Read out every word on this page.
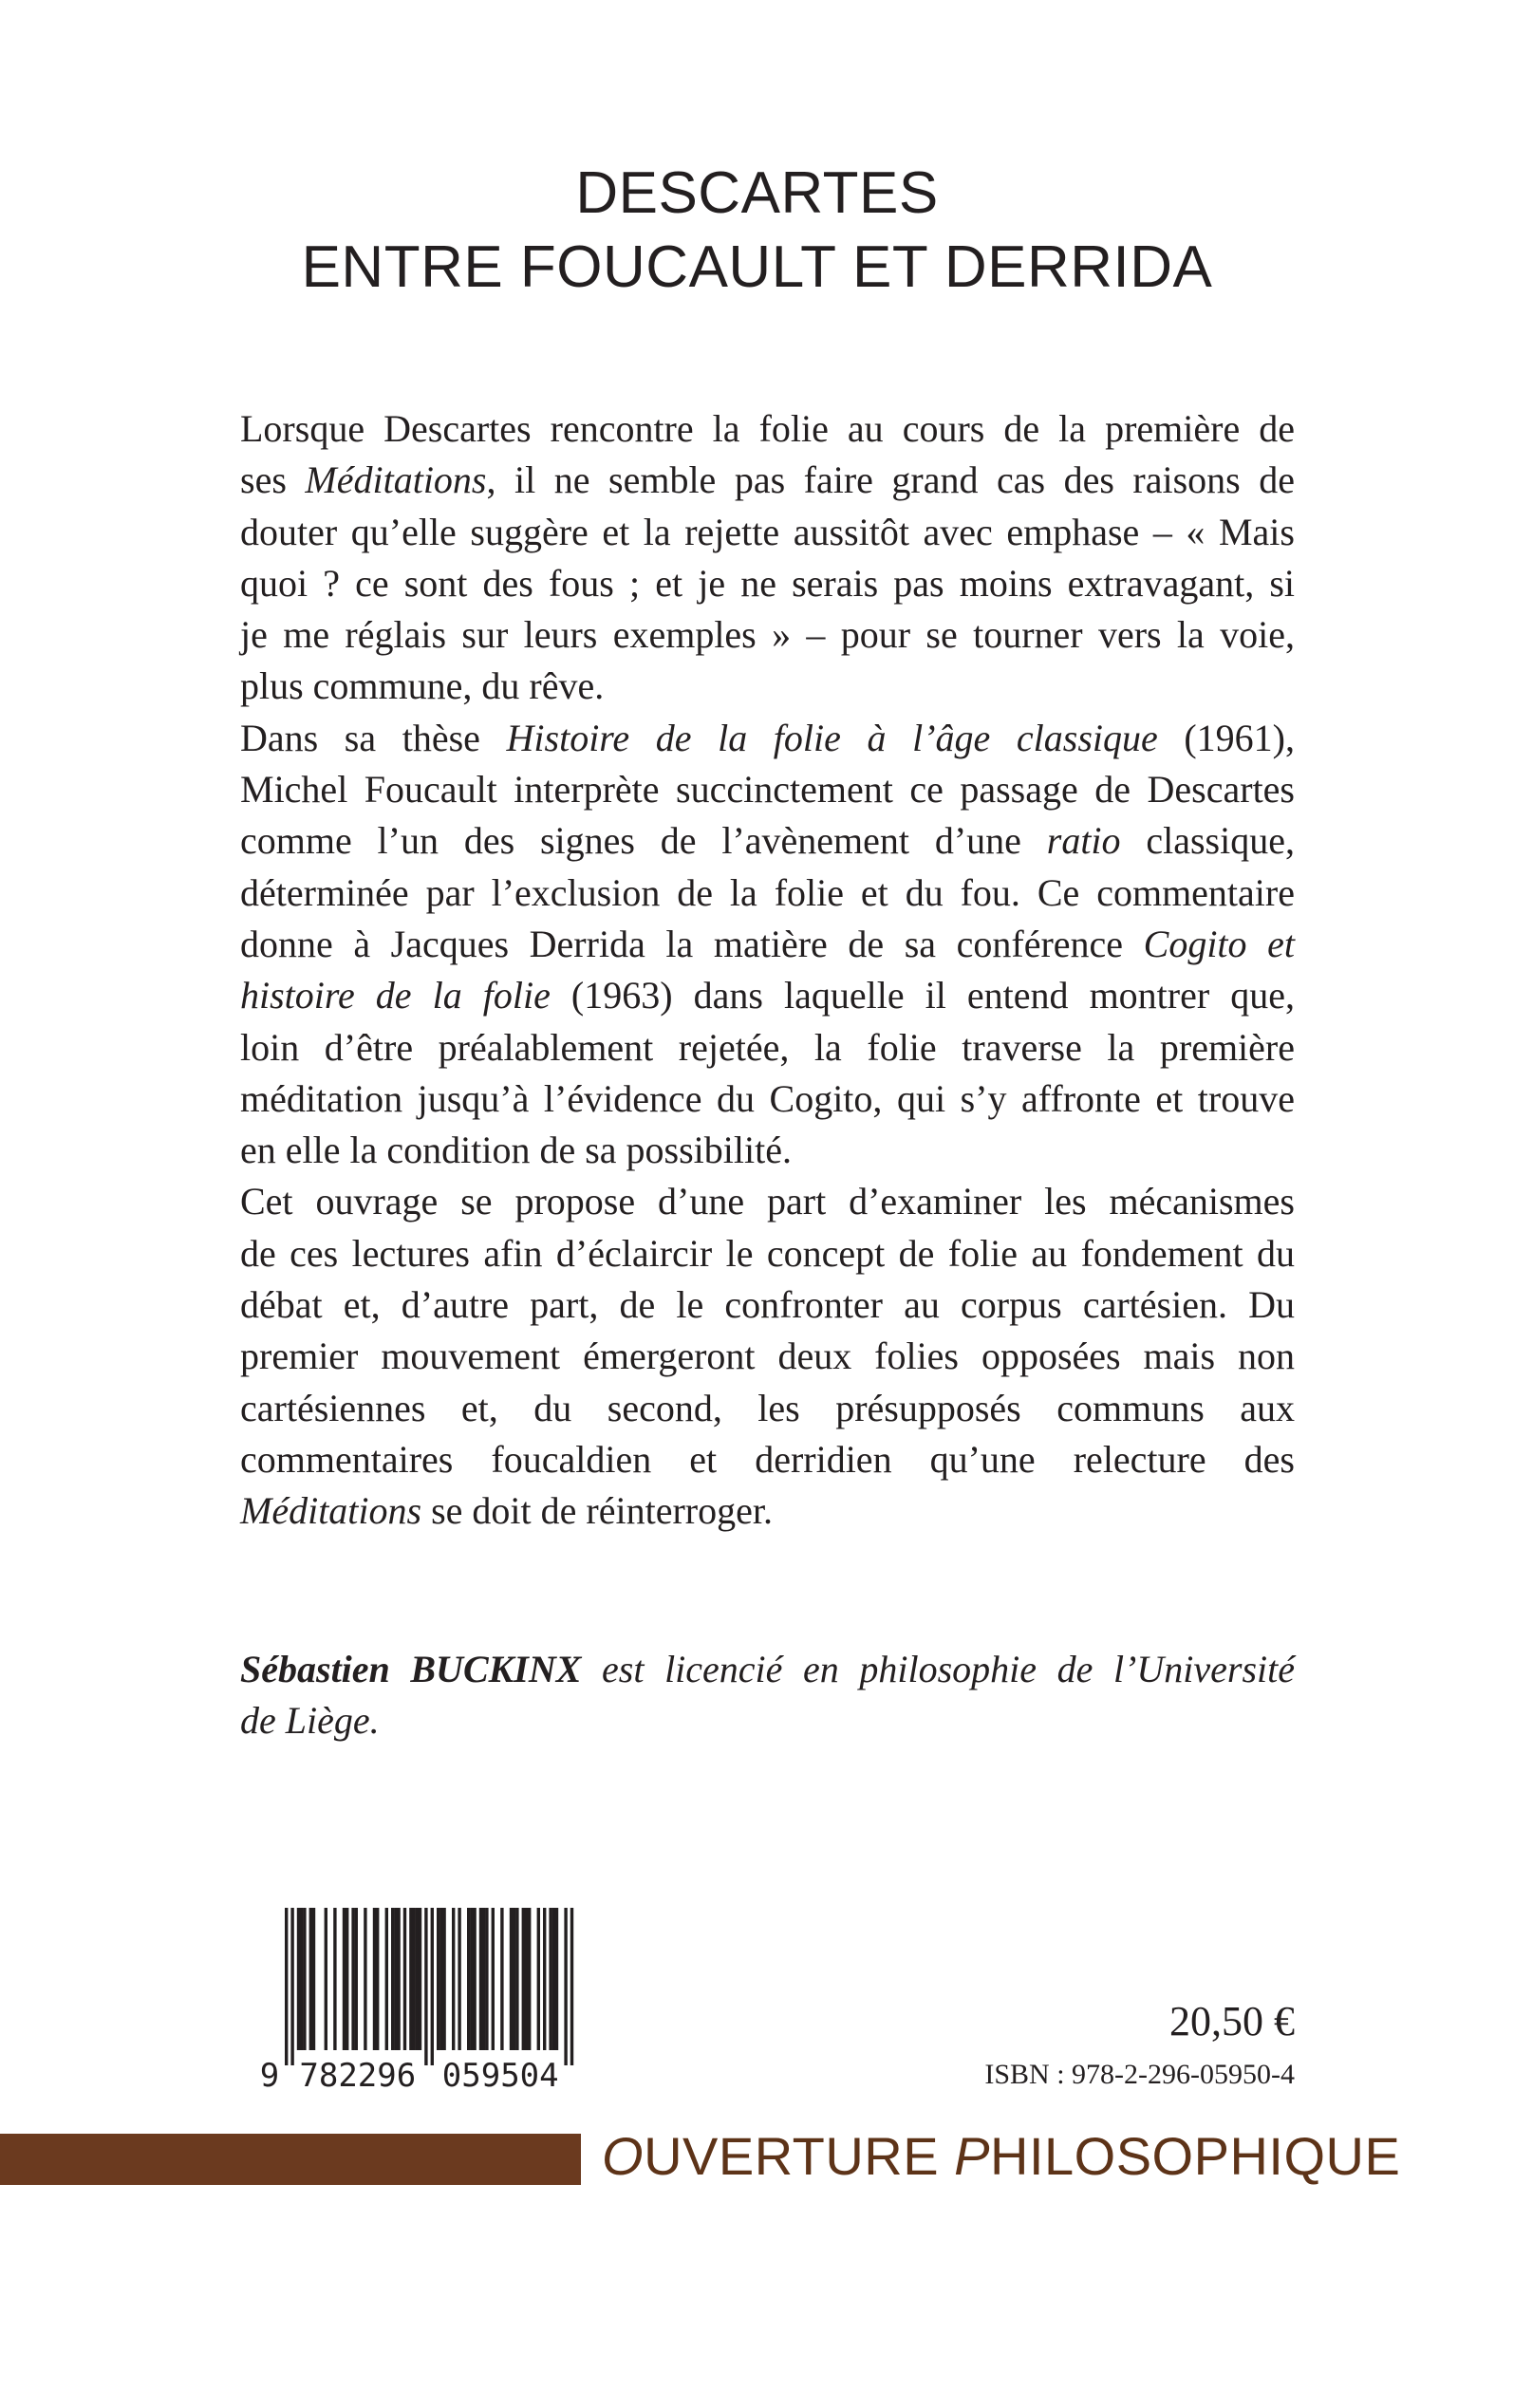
DESCARTES
ENTRE FOUCAULT ET DERRIDA

Lorsque Descartes rencontre la folie au cours de la première de
ses Méditations, il ne semble pas faire grand cas des raisons de
douter qu’elle suggère et la rejette aussitôt avec emphase – « Mais
quoi ? ce sont des fous ; et je ne serais pas moins extravagant, si
je me réglais sur leurs exemples » – pour se tourner vers la voie,
plus commune, du rêve.

Dans sa thèse Histoire de la folie à l’âge classique (1961),
Michel Foucault interprète succinctement ce passage de Descartes
comme l’un des signes de l’avènement d’une ratio classique,
déterminée par l’exclusion de la folie et du fou. Ce commentaire
donne à Jacques Derrida la matière de sa conférence Cogito et
histoire de la folie (1963) dans laquelle il entend montrer que,
loin d’être préalablement rejetée, la folie traverse la première
méditation jusqu’à l’évidence du Cogito, qui s’y affronte et trouve
en elle la condition de sa possibilité.

Cet ouvrage se propose d’une part d’examiner les mécanismes
de ces lectures afin d’éclaircir le concept de folie au fondement du
débat et, d’autre part, de le confronter au corpus cartésien. Du
premier mouvement émergeront deux folies opposées mais non
cartésiennes et, du second, les présupposés communs aux
commentaires foucaldien et derridien qu’une relecture des
Méditations se doit de réinterroger.

Sébastien BUCKINX est licencié en philosophie de l’Université
de Liège.
9 782296 059504
20,50 €
ISBN : 978-2-296-05950-4
OUVERTURE PHILOSOPHIQUE
